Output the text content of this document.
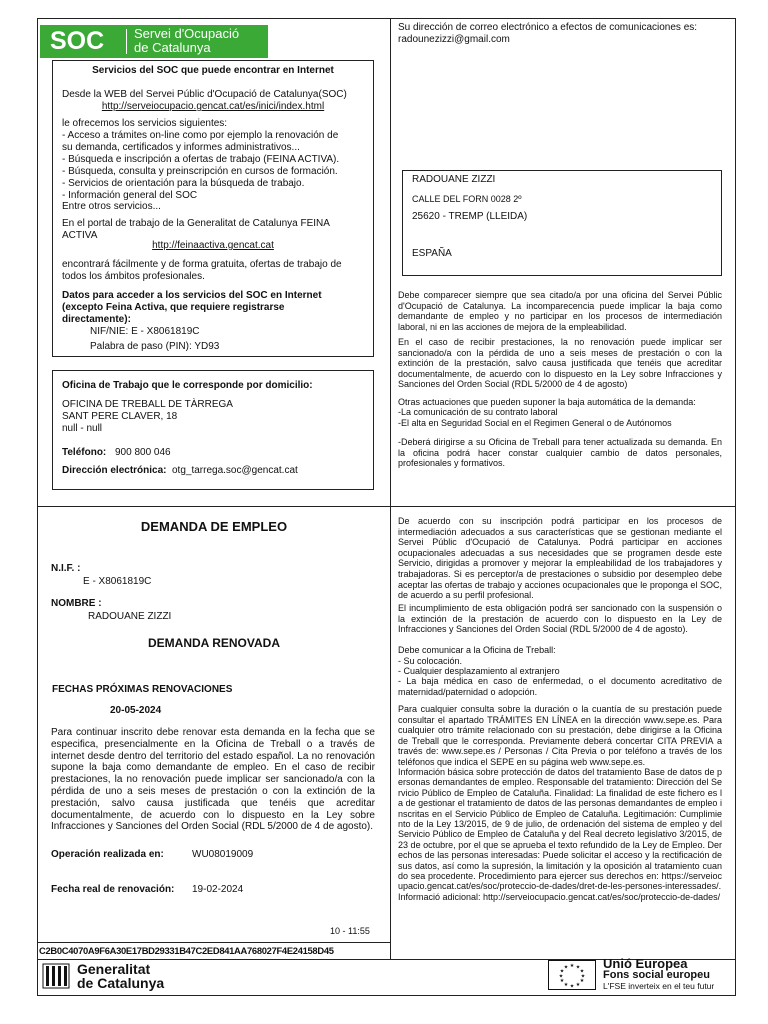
SOC Servei d'Ocupació
de Catalunya
Su dirección de correo electrónico a efectos de comunicaciones es:
radounezizzi@gmail.com
Servicios del SOC que puede encontrar en Internet
Desde la WEB del Servei Públic d'Ocupació de Catalunya(SOC)
http://serveiocupacio.gencat.cat/es/inici/index.html
le ofrecemos los servicios siguientes:
- Acceso a trámites on-line como por ejemplo la renovación de
su demanda, certificados y informes administrativos...
- Búsqueda e inscripción a ofertas de trabajo (FEINA ACTIVA).
- Búsqueda, consulta y preinscripción en cursos de formación.
- Servicios de orientación para la búsqueda de trabajo.
- Información general del SOC
Entre otros servicios...
En el portal de trabajo de la Generalitat de Catalunya FEINA
ACTIVA
http://feinaactiva.gencat.cat
encontrará fácilmente y de forma gratuita, ofertas de trabajo de
todos los ámbitos profesionales.
Datos para acceder a los servicios del SOC en Internet
(excepto Feina Activa, que requiere registrarse
directamente):
NIF/NIE: E - X8061819C
Palabra de paso (PIN): YD93
Oficina de Trabajo que le corresponde por domicilio:
OFICINA DE TREBALL DE TÀRREGA
SANT PERE CLAVER, 18
null - null
Teléfono: 900 800 046
Dirección electrónica: otg_tarrega.soc@gencat.cat
RADOUANE ZIZZI
CALLE DEL FORN 0028 2º
25620 - TREMP (LLEIDA)
ESPAÑA
Debe comparecer siempre que sea citado/a por una oficina del Servei Públic d'Ocupació de Catalunya. La incomparecencia puede implicar la baja como demandante de empleo y no participar en los procesos de intermediación laboral, ni en las acciones de mejora de la empleabilidad.
En el caso de recibir prestaciones, la no renovación puede implicar ser sancionado/a con la pérdida de uno a seis meses de prestación o con la extinción de la prestación, salvo causa justificada que tenéis que acreditar documentalmente, de acuerdo con lo dispuesto en la Ley sobre Infracciones y Sanciones del Orden Social (RDL 5/2000 de 4 de agosto)
Otras actuaciones que pueden suponer la baja automática de la demanda:
-La comunicación de su contrato laboral
-El alta en Seguridad Social en el Regimen General o de Autónomos
-Deberá dirigirse a su Oficina de Treball para tener actualizada su demanda. En la oficina podrá hacer constar cualquier cambio de datos personales, profesionales y formativos.
DEMANDA DE EMPLEO
N.I.F. :
E - X8061819C
NOMBRE :
RADOUANE ZIZZI
DEMANDA RENOVADA
FECHAS PRÓXIMAS RENOVACIONES
20-05-2024
Para continuar inscrito debe renovar esta demanda en la fecha que se especifica, presencialmente en la Oficina de Treball o a través de internet desde dentro del territorio del estado español. La no renovación supone la baja como demandante de empleo. En el caso de recibir prestaciones, la no renovación puede implicar ser sancionado/a con la pérdida de uno a seis meses de prestación o con la extinción de la prestación, salvo causa justificada que tenéis que acreditar documentalmente, de acuerdo con lo dispuesto en la Ley sobre Infracciones y Sanciones del Orden Social (RDL 5/2000 de 4 de agosto).
Operación realizada en:	WU08019009
Fecha real de renovación: 19-02-2024
10 - 11:55
C2B0C4070A9F6A30E17BD29331B47C2ED841AA768027F4E24158D45
De acuerdo con su inscripción podrá participar en los procesos de intermediación adecuados a sus características que se gestionan mediante el Servei Públic d'Ocupació de Catalunya. Podrá participar en acciones ocupacionales adecuadas a sus necesidades que se programen desde este Servicio, dirigidas a promover y mejorar la empleabilidad de los trabajadores y trabajadoras. Si es perceptor/a de prestaciones o subsidio por desempleo debe aceptar las ofertas de trabajo y acciones ocupacionales que le proponga el SOC, de acuerdo a su perfil profesional.
El incumplimiento de esta obligación podrá ser sancionado con la suspensión o la extinción de la prestación de acuerdo con lo dispuesto en la Ley de Infracciones y Sanciones del Orden Social (RDL 5/2000 de 4 de agosto).
Debe comunicar a la Oficina de Treball:
- Su colocación.
- Cualquier desplazamiento al extranjero
- La baja médica en caso de enfermedad, o el documento acreditativo de maternidad/paternidad o adopción.
Para cualquier consulta sobre la duración o la cuantía de su prestación puede consultar el apartado TRÁMITES EN LÍNEA en la dirección www.sepe.es. Para cualquier otro trámite relacionado con su prestación, debe dirigirse a la Oficina de Treball que le corresponda. Previamente deberá concertar CITA PREVIA a través de: www.sepe.es / Personas / Cita Previa o por teléfono a través de los teléfonos que indica el SEPE en su página web www.sepe.es.
Información básica sobre protección de datos del tratamiento Base de datos de personas demandantes de empleo. Responsable del tratamiento: Dirección del Servicio Público de Empleo de Cataluña. Finalidad: La finalidad de este fichero es la de gestionar el tratamiento de datos de las personas demandantes de empleo inscritas en el Servicio Público de Empleo de Cataluña. Legitimación: Cumplimiento de la Ley 13/2015, de 9 de julio, de ordenación del sistema de empleo y del Servicio Público de Empleo de Cataluña y del Real decreto legislativo 3/2015, de 23 de octubre, por el que se aprueba el texto refundido de la Ley de Empleo. Derechos de las personas interesadas: Puede solicitar el acceso y la rectificación de sus datos, así como la supresión, la limitación y la oposición al tratamiento cuando sea procedente. Procedimiento para ejercer sus derechos en: https://serveiocupacio.gencat.cat/es/soc/proteccio-de-dades/dret-de-les-persones-interessades/. Informació adicional: http://serveiocupacio.gencat.cat/es/soc/proteccio-de-dades/
Generalitat
de Catalunya
★ ★
★
★
★
★
★
★
★
★
★
★	Unió Europea
Fons social europeu
L'FSE inverteix en el teu futur
